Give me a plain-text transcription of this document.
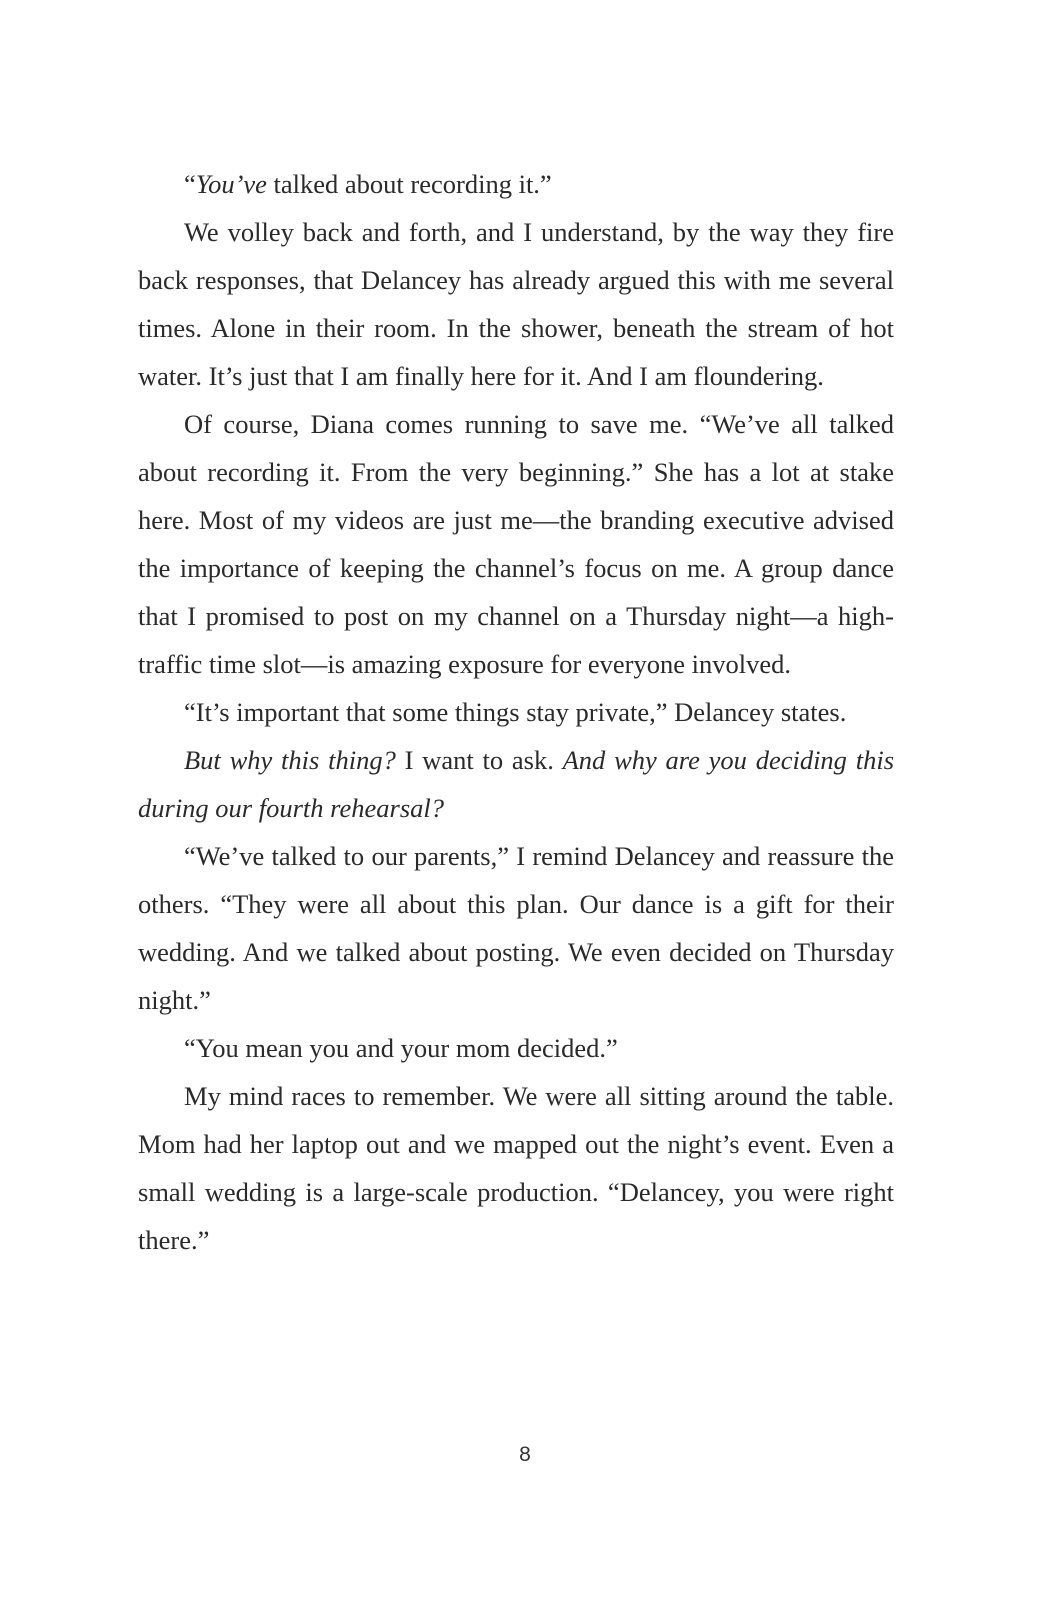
“You’ve talked about recording it.”

We volley back and forth, and I understand, by the way they fire back responses, that Delancey has already argued this with me several times. Alone in their room. In the shower, beneath the stream of hot water. It’s just that I am finally here for it. And I am floundering.

Of course, Diana comes running to save me. “We’ve all talked about recording it. From the very beginning.” She has a lot at stake here. Most of my videos are just me—the branding executive advised the importance of keeping the channel’s focus on me. A group dance that I promised to post on my channel on a Thursday night—a high-traffic time slot—is amazing exposure for everyone involved.

“It’s important that some things stay private,” Delancey states.

But why this thing? I want to ask. And why are you deciding this during our fourth rehearsal?

“We’ve talked to our parents,” I remind Delancey and reassure the others. “They were all about this plan. Our dance is a gift for their wedding. And we talked about posting. We even decided on Thursday night.”

“You mean you and your mom decided.”

My mind races to remember. We were all sitting around the table. Mom had her laptop out and we mapped out the night’s event. Even a small wedding is a large-scale production. “Delancey, you were right there.”

8
